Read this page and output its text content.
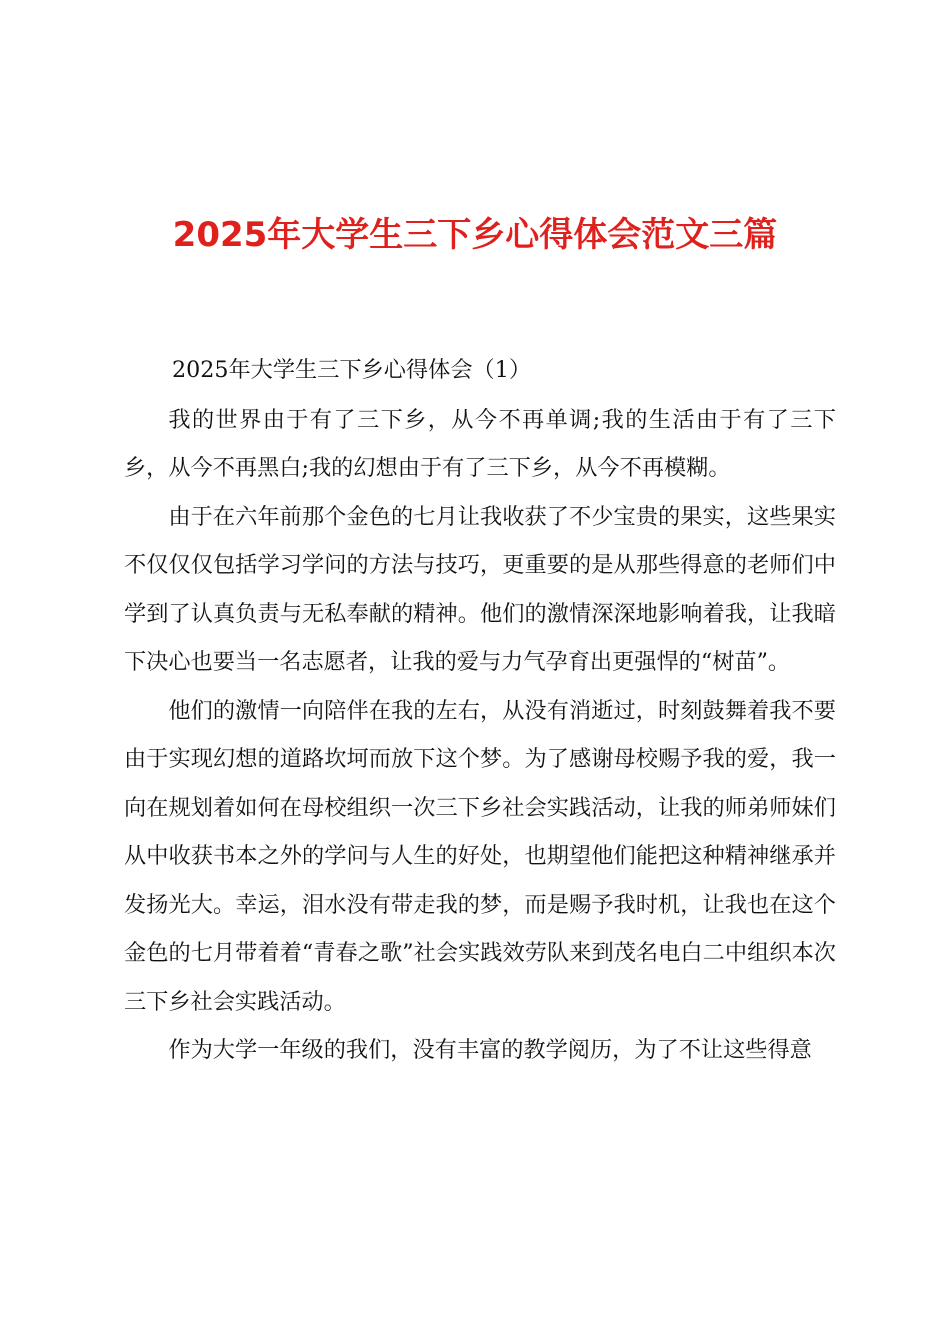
2025年大学生三下乡心得体会范文三篇
2025年大学生三下乡心得体会（1）

我的世界由于有了三下乡，从今不再单调;我的生活由于有了三下乡，从今不再黑白;我的幻想由于有了三下乡，从今不再模糊。

由于在六年前那个金色的七月让我收获了不少宝贵的果实，这些果实不仅仅仅包括学习学问的方法与技巧，更重要的是从那些得意的老师们中学到了认真负责与无私奉献的精神。他们的激情深深地影响着我，让我暗下决心也要当一名志愿者，让我的爱与力气孕育出更强悍的“树苗”。

他们的激情一向陪伴在我的左右，从没有消逝过，时刻鼓舞着我不要由于实现幻想的道路坎坷而放下这个梦。为了感谢母校赐予我的爱，我一向在规划着如何在母校组织一次三下乡社会实践活动，让我的师弟师妹们从中收获书本之外的学问与人生的好处，也期望他们能把这种精神继承并发扬光大。幸运，泪水没有带走我的梦，而是赐予我时机，让我也在这个金色的七月带着着“青春之歌”社会实践效劳队来到茂名电白二中组织本次三下乡社会实践活动。

作为大学一年级的我们，没有丰富的教学阅历，为了不让这些得意
